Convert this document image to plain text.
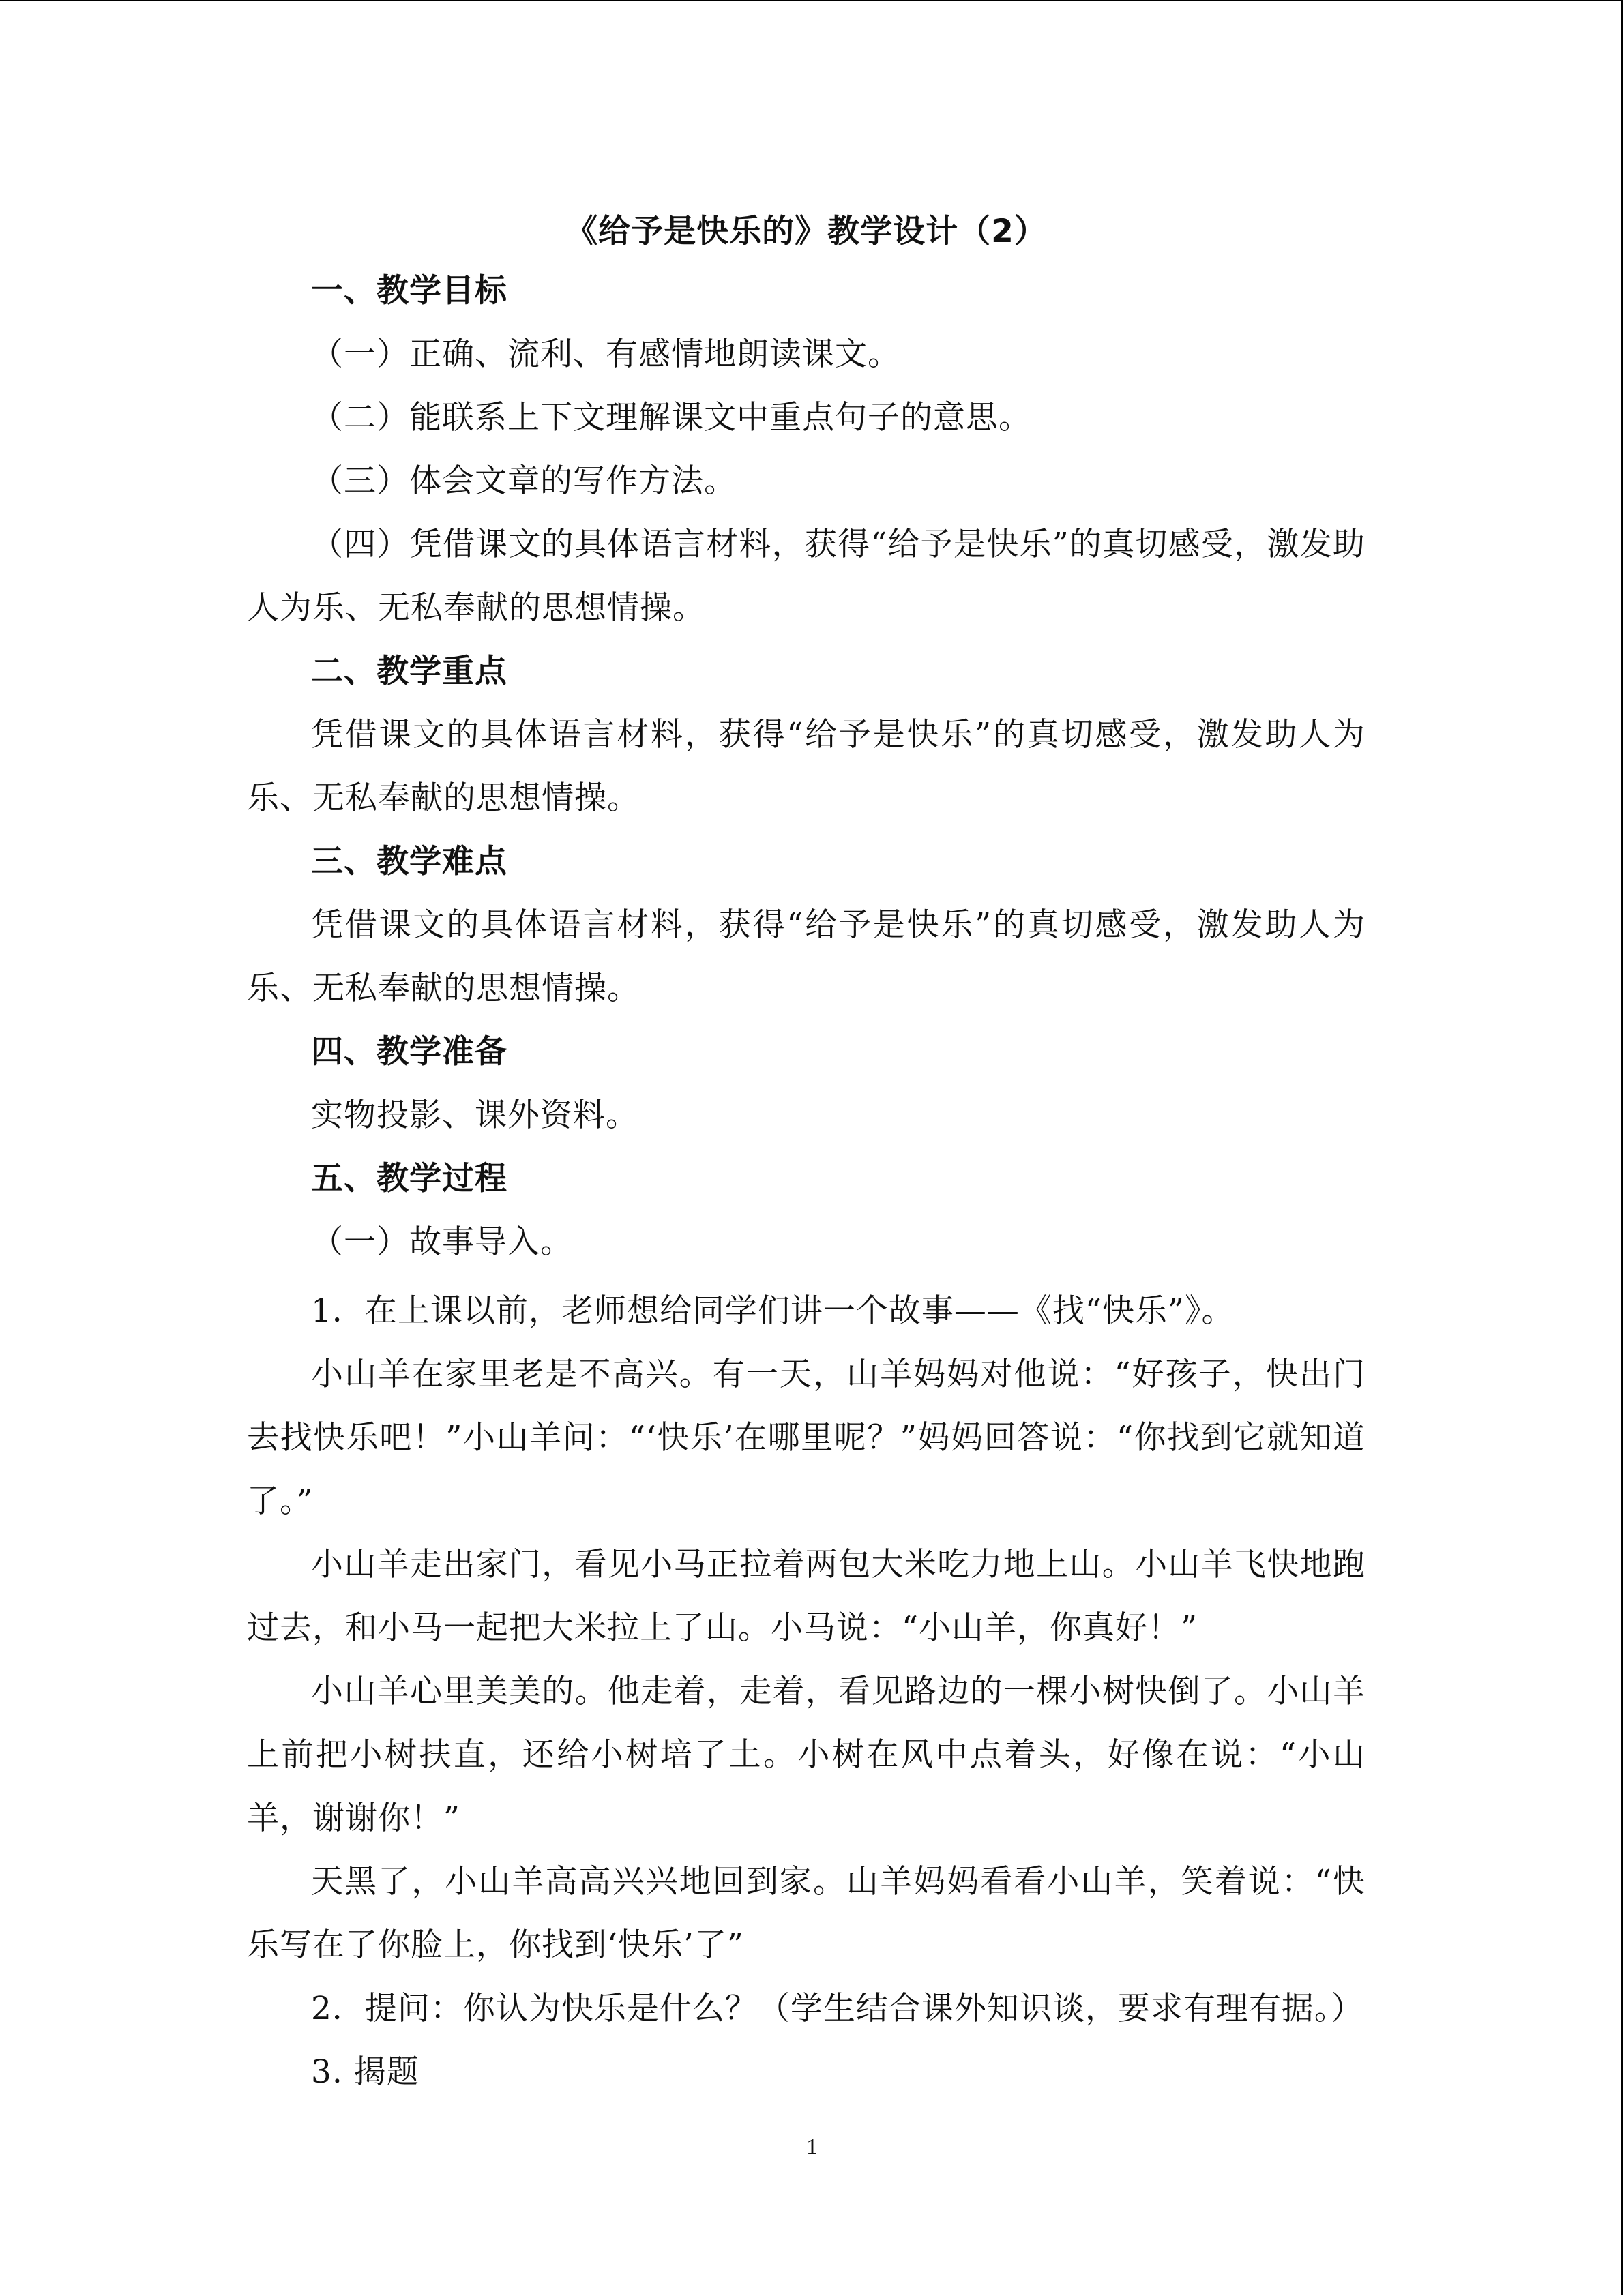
《给予是快乐的》教学设计（2）

一、教学目标

（一）正确、流利、有感情地朗读课文。

（二）能联系上下文理解课文中重点句子的意思。

（三）体会文章的写作方法。

（四）凭借课文的具体语言材料，获得“给予是快乐”的真切感受，激发助人为乐、无私奉献的思想情操。

二、教学重点

凭借课文的具体语言材料，获得“给予是快乐”的真切感受，激发助人为乐、无私奉献的思想情操。

三、教学难点

凭借课文的具体语言材料，获得“给予是快乐”的真切感受，激发助人为乐、无私奉献的思想情操。

四、教学准备

实物投影、课外资料。

五、教学过程

（一）故事导入。

1．在上课以前，老师想给同学们讲一个故事——《找“快乐”》。

小山羊在家里老是不高兴。有一天，山羊妈妈对他说：“好孩子，快出门去找快乐吧！”小山羊问：“‘快乐’在哪里呢？”妈妈回答说：“你找到它就知道了。”

小山羊走出家门，看见小马正拉着两包大米吃力地上山。小山羊飞快地跑过去，和小马一起把大米拉上了山。小马说：“小山羊，你真好！”

小山羊心里美美的。他走着，走着，看见路边的一棵小树快倒了。小山羊上前把小树扶直，还给小树培了土。小树在风中点着头，好像在说：“小山羊，谢谢你！”

天黑了，小山羊高高兴兴地回到家。山羊妈妈看看小山羊，笑着说：“快乐写在了你脸上，你找到‘快乐’了”

2．提问：你认为快乐是什么？（学生结合课外知识谈，要求有理有据。）

3. 揭题

1
